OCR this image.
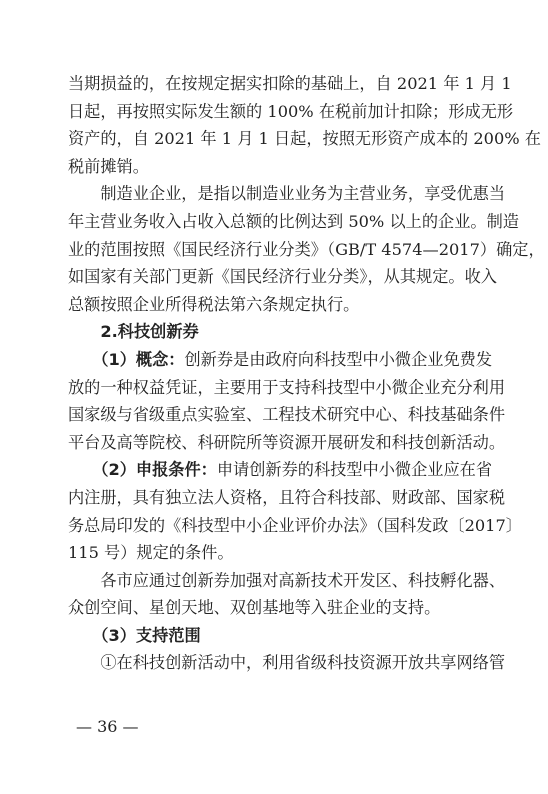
当期损益的，在按规定据实扣除的基础上，自 2021 年 1 月 1
日起，再按照实际发生额的 100% 在税前加计扣除；形成无形
资产的，自 2021 年 1 月 1 日起，按照无形资产成本的 200% 在
税前摊销。

　　制造业企业，是指以制造业业务为主营业务，享受优惠当
年主营业务收入占收入总额的比例达到 50% 以上的企业。制造
业的范围按照《国民经济行业分类》（GB/T 4574—2017）确定，
如国家有关部门更新《国民经济行业分类》，从其规定。收入
总额按照企业所得税法第六条规定执行。

　　2.科技创新券

　　（1）概念：创新券是由政府向科技型中小微企业免费发
放的一种权益凭证，主要用于支持科技型中小微企业充分利用
国家级与省级重点实验室、工程技术研究中心、科技基础条件
平台及高等院校、科研院所等资源开展研发和科技创新活动。

　　（2）申报条件：申请创新券的科技型中小微企业应在省
内注册，具有独立法人资格，且符合科技部、财政部、国家税
务总局印发的《科技型中小企业评价办法》（国科发政〔2017〕
115 号）规定的条件。

　　各市应通过创新券加强对高新技术开发区、科技孵化器、
众创空间、星创天地、双创基地等入驻企业的支持。

　　（3）支持范围

　　①在科技创新活动中，利用省级科技资源开放共享网络管

— 36 —
